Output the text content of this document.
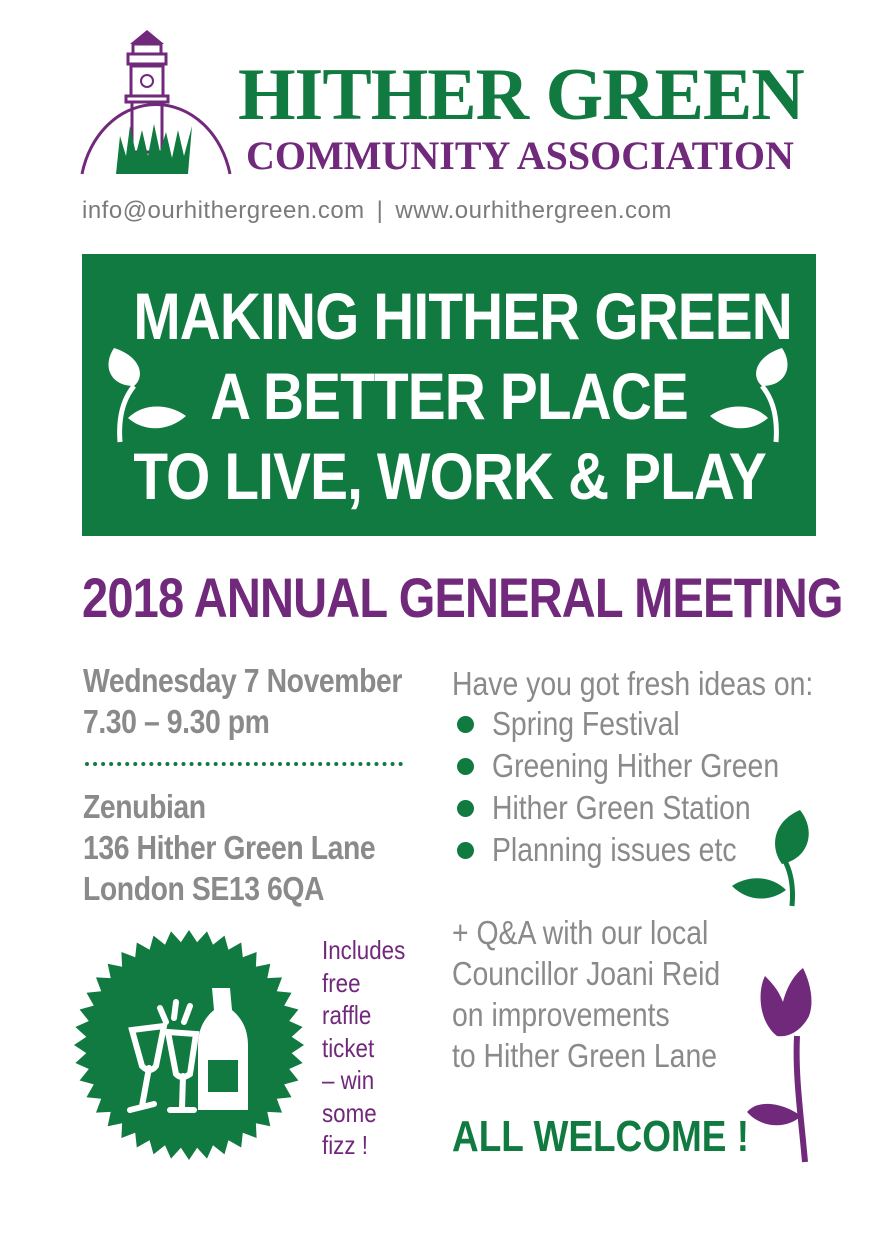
HITHER GREEN
COMMUNITY ASSOCIATION
info@ourhithergreen.com | www.ourhithergreen.com
MAKING HITHER GREEN
A BETTER PLACE
TO LIVE, WORK & PLAY
2018 ANNUAL GENERAL MEETING
Wednesday 7 November
7.30 – 9.30 pm
Zenubian
136 Hither Green Lane
London SE13 6QA
Have you got fresh ideas on:
Spring Festival
Greening Hither Green
Hither Green Station
Planning issues etc
+ Q&A with our local
Councillor Joani Reid
on improvements
to Hither Green Lane
ALL WELCOME !
Includes
free
raffle
ticket
– win
some
fizz !
